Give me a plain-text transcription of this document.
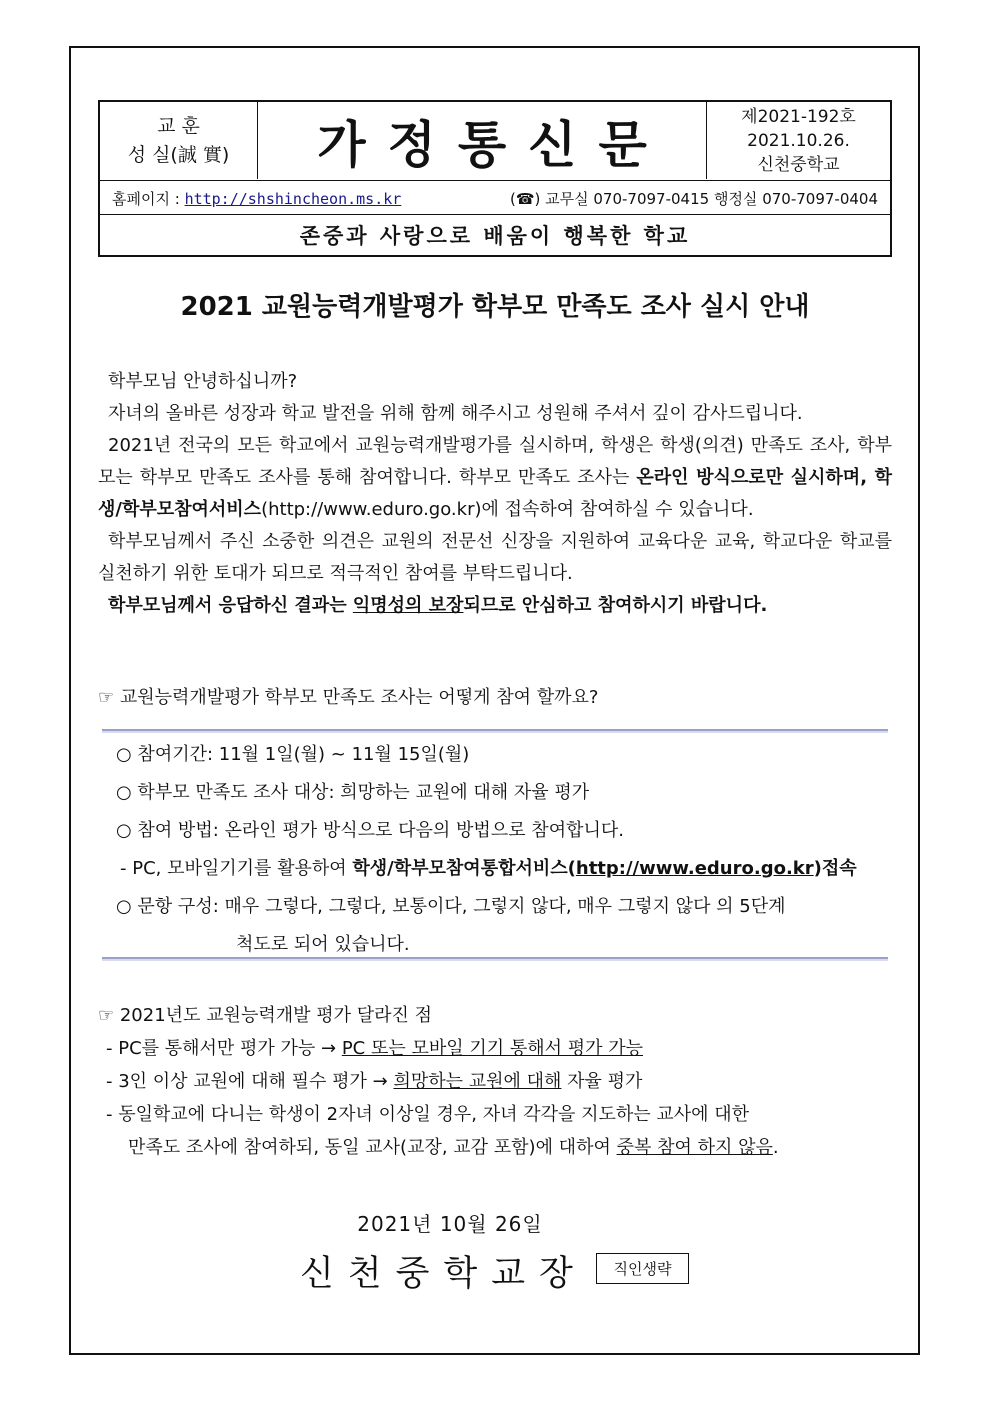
교 훈
성 실(誠 實)	가정통신문	제2021-192호
2021.10.26.
신천중학교
홈페이지 : http://shshincheon.ms.kr	(☎) 교무실 070-7097-0415 행정실 070-7097-0404
존중과 사랑으로 배움이 행복한 학교
2021 교원능력개발평가 학부모 만족도 조사 실시 안내

학부모님 안녕하십니까?

자녀의 올바른 성장과 학교 발전을 위해 함께 해주시고 성원해 주셔서 깊이 감사드립니다.

2021년 전국의 모든 학교에서 교원능력개발평가를 실시하며, 학생은 학생(의견) 만족도 조사, 학부모는 학부모 만족도 조사를 통해 참여합니다. 학부모 만족도 조사는 온라인 방식으로만 실시하며, 학생/학부모참여서비스(http://www.eduro.go.kr)에 접속하여 참여하실 수 있습니다.

학부모님께서 주신 소중한 의견은 교원의 전문선 신장을 지원하여 교육다운 교육, 학교다운 학교를 실천하기 위한 토대가 되므로 적극적인 참여를 부탁드립니다.

학부모님께서 응답하신 결과는 익명성의 보장되므로 안심하고 참여하시기 바랍니다.

☞ 교원능력개발평가 학부모 만족도 조사는 어떻게 참여 할까요?
○ 참여기간: 11월 1일(월) ~ 11월 15일(월)
○ 학부모 만족도 조사 대상: 희망하는 교원에 대해 자율 평가
○ 참여 방법: 온라인 평가 방식으로 다음의 방법으로 참여합니다.
- PC, 모바일기기를 활용하여 학생/학부모참여통합서비스(http://www.eduro.go.kr)접속
○ 문항 구성: 매우 그렇다, 그렇다, 보통이다, 그렇지 않다, 매우 그렇지 않다 의 5단계
척도로 되어 있습니다.
☞ 2021년도 교원능력개발 평가 달라진 점
- PC를 통해서만 평가 가능 → PC 또는 모바일 기기 통해서 평가 가능
- 3인 이상 교원에 대해 필수 평가 → 희망하는 교원에 대해 자율 평가
- 동일학교에 다니는 학생이 2자녀 이상일 경우, 자녀 각각을 지도하는 교사에 대한
만족도 조사에 참여하되, 동일 교사(교장, 교감 포함)에 대하여 중복 참여 하지 않음.
2021년 10월 26일
신천중학교장	직인생략
